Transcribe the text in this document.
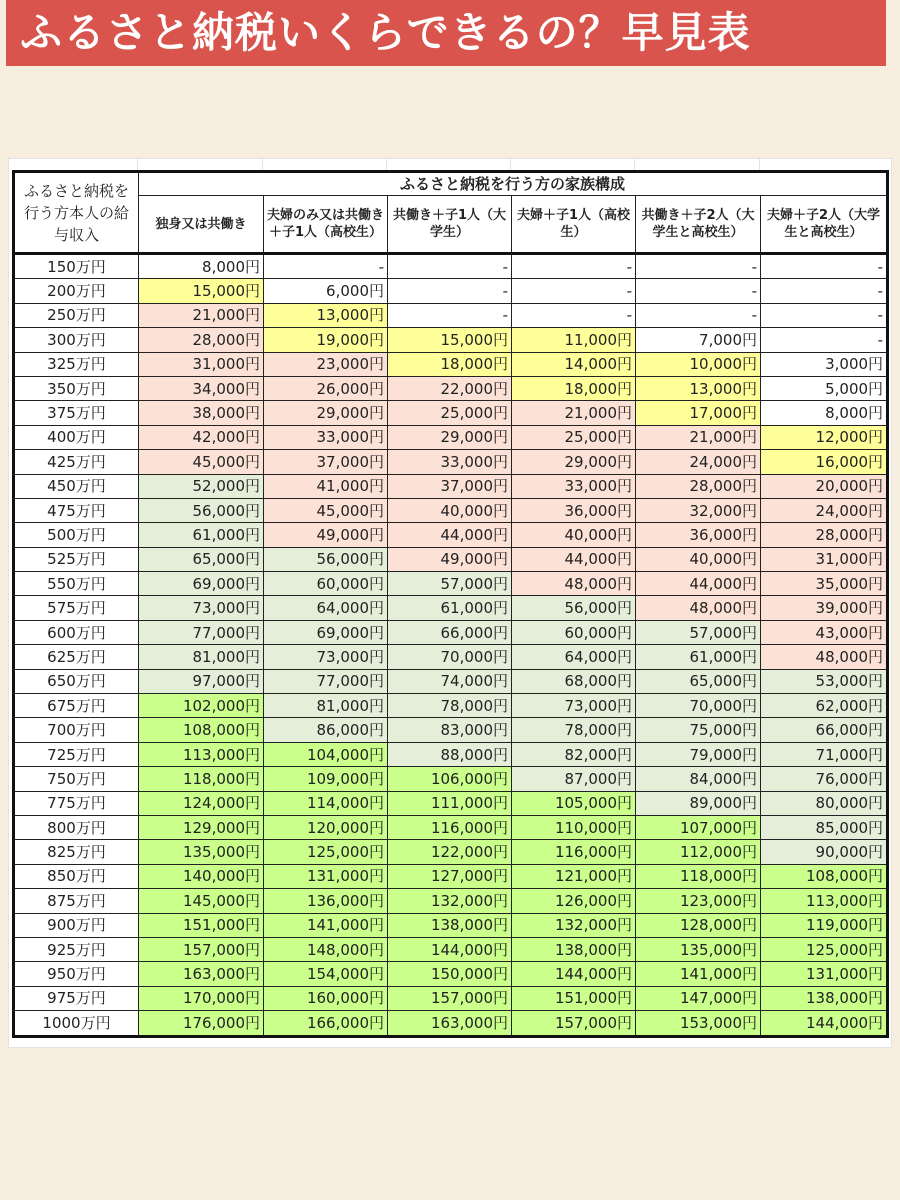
ふるさと納税いくらできるの？早見表
ふるさと納税を行う方本人の給与収入	ふるさと納税を行う方の家族構成					
	独身又は共働き	夫婦のみ又は共働き＋子1人（高校生）	共働き＋子1人（大学生）	夫婦＋子1人（高校生）	共働き＋子2人（大学生と高校生）	夫婦＋子2人（大学生と高校生）
150万円	8,000円	-	-	-	-	-
200万円	15,000円	6,000円	-	-	-	-
250万円	21,000円	13,000円	-	-	-	-
300万円	28,000円	19,000円	15,000円	11,000円	7,000円	-
325万円	31,000円	23,000円	18,000円	14,000円	10,000円	3,000円
350万円	34,000円	26,000円	22,000円	18,000円	13,000円	5,000円
375万円	38,000円	29,000円	25,000円	21,000円	17,000円	8,000円
400万円	42,000円	33,000円	29,000円	25,000円	21,000円	12,000円
425万円	45,000円	37,000円	33,000円	29,000円	24,000円	16,000円
450万円	52,000円	41,000円	37,000円	33,000円	28,000円	20,000円
475万円	56,000円	45,000円	40,000円	36,000円	32,000円	24,000円
500万円	61,000円	49,000円	44,000円	40,000円	36,000円	28,000円
525万円	65,000円	56,000円	49,000円	44,000円	40,000円	31,000円
550万円	69,000円	60,000円	57,000円	48,000円	44,000円	35,000円
575万円	73,000円	64,000円	61,000円	56,000円	48,000円	39,000円
600万円	77,000円	69,000円	66,000円	60,000円	57,000円	43,000円
625万円	81,000円	73,000円	70,000円	64,000円	61,000円	48,000円
650万円	97,000円	77,000円	74,000円	68,000円	65,000円	53,000円
675万円	102,000円	81,000円	78,000円	73,000円	70,000円	62,000円
700万円	108,000円	86,000円	83,000円	78,000円	75,000円	66,000円
725万円	113,000円	104,000円	88,000円	82,000円	79,000円	71,000円
750万円	118,000円	109,000円	106,000円	87,000円	84,000円	76,000円
775万円	124,000円	114,000円	111,000円	105,000円	89,000円	80,000円
800万円	129,000円	120,000円	116,000円	110,000円	107,000円	85,000円
825万円	135,000円	125,000円	122,000円	116,000円	112,000円	90,000円
850万円	140,000円	131,000円	127,000円	121,000円	118,000円	108,000円
875万円	145,000円	136,000円	132,000円	126,000円	123,000円	113,000円
900万円	151,000円	141,000円	138,000円	132,000円	128,000円	119,000円
925万円	157,000円	148,000円	144,000円	138,000円	135,000円	125,000円
950万円	163,000円	154,000円	150,000円	144,000円	141,000円	131,000円
975万円	170,000円	160,000円	157,000円	151,000円	147,000円	138,000円
1000万円	176,000円	166,000円	163,000円	157,000円	153,000円	144,000円
